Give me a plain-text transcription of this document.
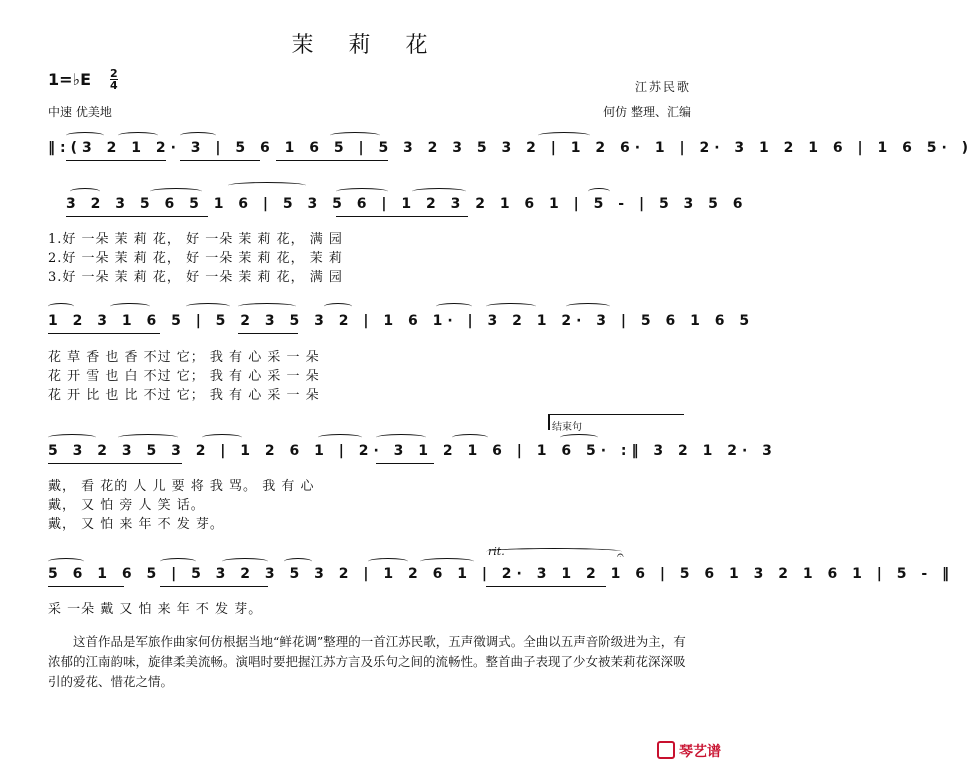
茉 莉 花
1=♭E 2
4
中速 优美地
江苏民歌
何仿 整理、汇编
‖:(3 2 1 2· 3 | 5 6 1 6 5 | 5 3 2 3 5 3 2 | 1 2 6· 1 | 2· 3 1 2 1 6 | 1 6 5· )
3 2 3 5 6 5 1 6 | 5 3 5 6 | 1 2 3 2 1 6 1 | 5 - | 5 3 5 6
1.好 一朵 茉 莉 花， 好 一朵 茉 莉 花， 满 园
2.好 一朵 茉 莉 花， 好 一朵 茉 莉 花， 茉 莉
3.好 一朵 茉 莉 花， 好 一朵 茉 莉 花， 满 园
1 2 3 1 6 5 | 5 2 3 5 3 2 | 1 6 1· | 3 2 1 2· 3 | 5 6 1 6 5
花 草 香 也 香 不过 它； 我 有 心 采 一 朵
花 开 雪 也 白 不过 它； 我 有 心 采 一 朵
花 开 比 也 比 不过 它； 我 有 心 采 一 朵
结束句
5 3 2 3 5 3 2 | 1 2 6 1 | 2· 3 1 2 1 6 | 1 6 5· :‖ 3 2 1 2· 3
戴， 看 花的 人 儿 要 将 我 骂。 我 有 心
戴， 又 怕 旁 人 笑 话。
戴， 又 怕 来 年 不 发 芽。
rit.	𝄐
5 6 1 6 5 | 5 3 2 3 5 3 2 | 1 2 6 1 | 2· 3 1 2 1 6 | 5 6 1 3 2 1 6 1 | 5 - ‖
采 一朵 戴 又 怕 来 年 不 发 芽。
这首作品是军旅作曲家何仿根据当地“鲜花调”整理的一首江苏民歌，五声徵调式。全曲以五声音阶级进为主，有浓郁的江南韵味，旋律柔美流畅。演唱时要把握江苏方言及乐句之间的流畅性。整首曲子表现了少女被茉莉花深深吸引的爱花、惜花之情。
琴艺谱
